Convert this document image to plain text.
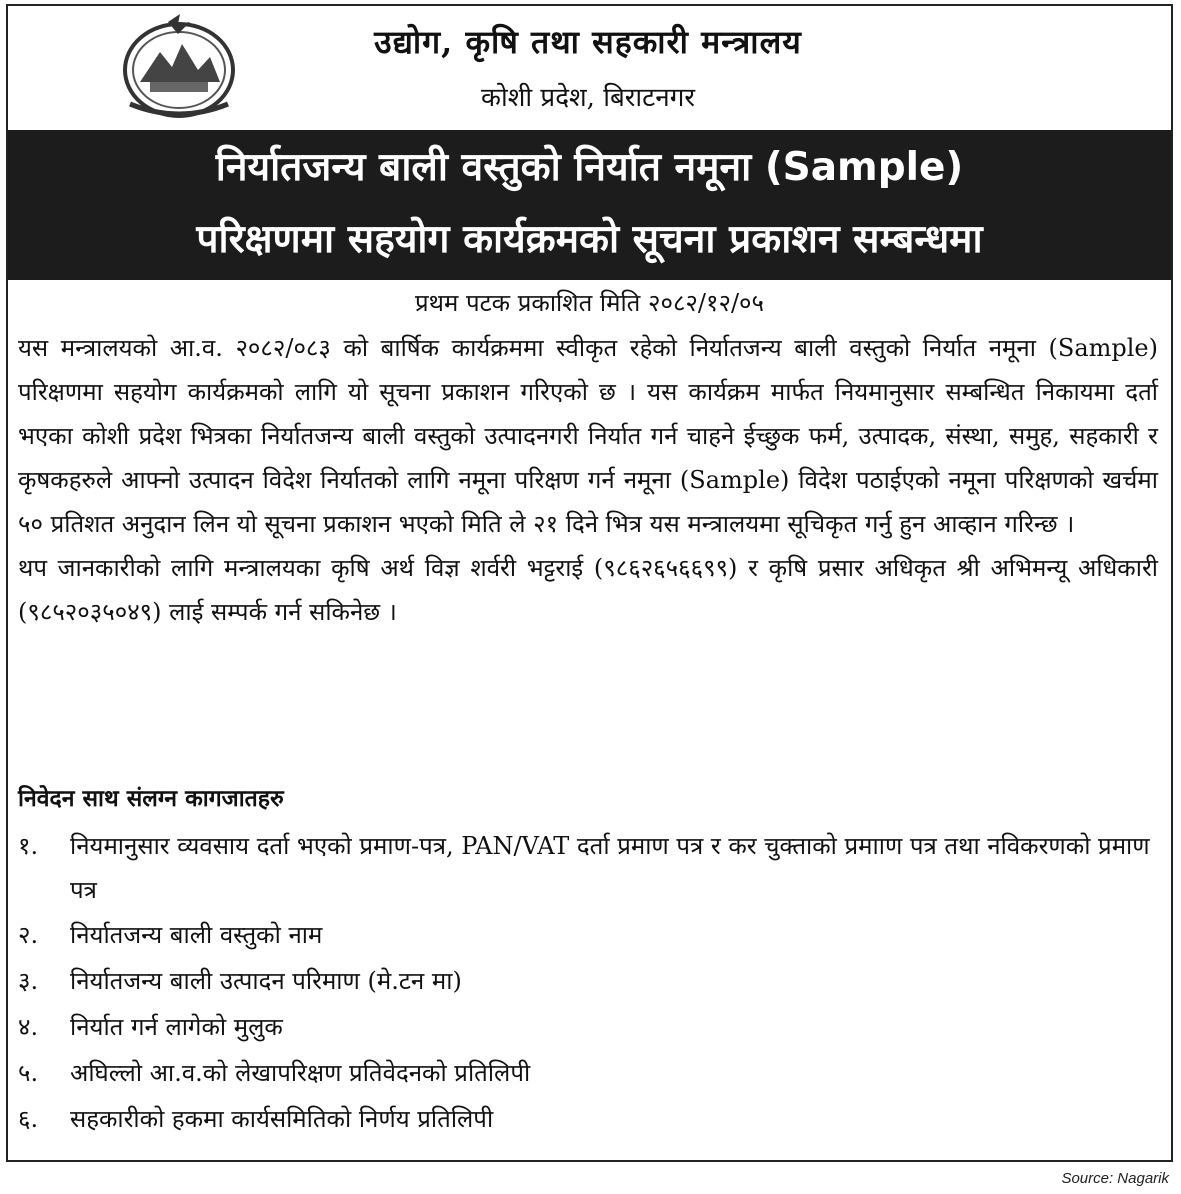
उद्योग, कृषि तथा सहकारी मन्त्रालय
कोशी प्रदेश, बिराटनगर
निर्यातजन्य बाली वस्तुको निर्यात नमूना (Sample)
परिक्षणमा सहयोग कार्यक्रमको सूचना प्रकाशन सम्बन्धमा
प्रथम पटक प्रकाशित मिति २०८२/१२/०५

यस मन्त्रालयको आ.व. २०८२/०८३ को बार्षिक कार्यक्रममा स्वीकृत रहेको निर्यातजन्य बाली वस्तुको निर्यात नमूना (Sample) परिक्षणमा सहयोग कार्यक्रमको लागि यो सूचना प्रकाशन गरिएको छ । यस कार्यक्रम मार्फत नियमानुसार सम्बन्धित निकायमा दर्ता भएका कोशी प्रदेश भित्रका निर्यातजन्य बाली वस्तुको उत्पादनगरी निर्यात गर्न चाहने ईच्छुक फर्म, उत्पादक, संस्था, समुह, सहकारी र कृषकहरुले आफ्नो उत्पादन विदेश निर्यातको लागि नमूना परिक्षण गर्न नमूना (Sample) विदेश पठाईएको नमूना परिक्षणको खर्चमा ५० प्रतिशत अनुदान लिन यो सूचना प्रकाशन भएको मिति ले २१ दिने भित्र यस मन्त्रालयमा सूचिकृत गर्नु हुन आव्हान गरिन्छ ।

थप जानकारीको लागि मन्त्रालयका कृषि अर्थ विज्ञ शर्वरी भट्टराई (९८६२६५६६९९) र कृषि प्रसार अधिकृत श्री अभिमन्यू अधिकारी (९८५२०३५०४९) लाई सम्पर्क गर्न सकिनेछ ।

निवेदन साथ संलग्न कागजातहरु
१.	नियमानुसार व्यवसाय दर्ता भएको प्रमाण-पत्र, PAN/VAT दर्ता प्रमाण पत्र र कर चुक्ताको प्रमााण पत्र तथा नविकरणको प्रमाण पत्र
२.	निर्यातजन्य बाली वस्तुको नाम
३.	निर्यातजन्य बाली उत्पादन परिमाण (मे.टन मा)
४.	निर्यात गर्न लागेको मुलुक
५.	अघिल्लो आ.व.को लेखापरिक्षण प्रतिवेदनको प्रतिलिपी
६.	सहकारीको हकमा कार्यसमितिको निर्णय प्रतिलिपी
Source: Nagarik
